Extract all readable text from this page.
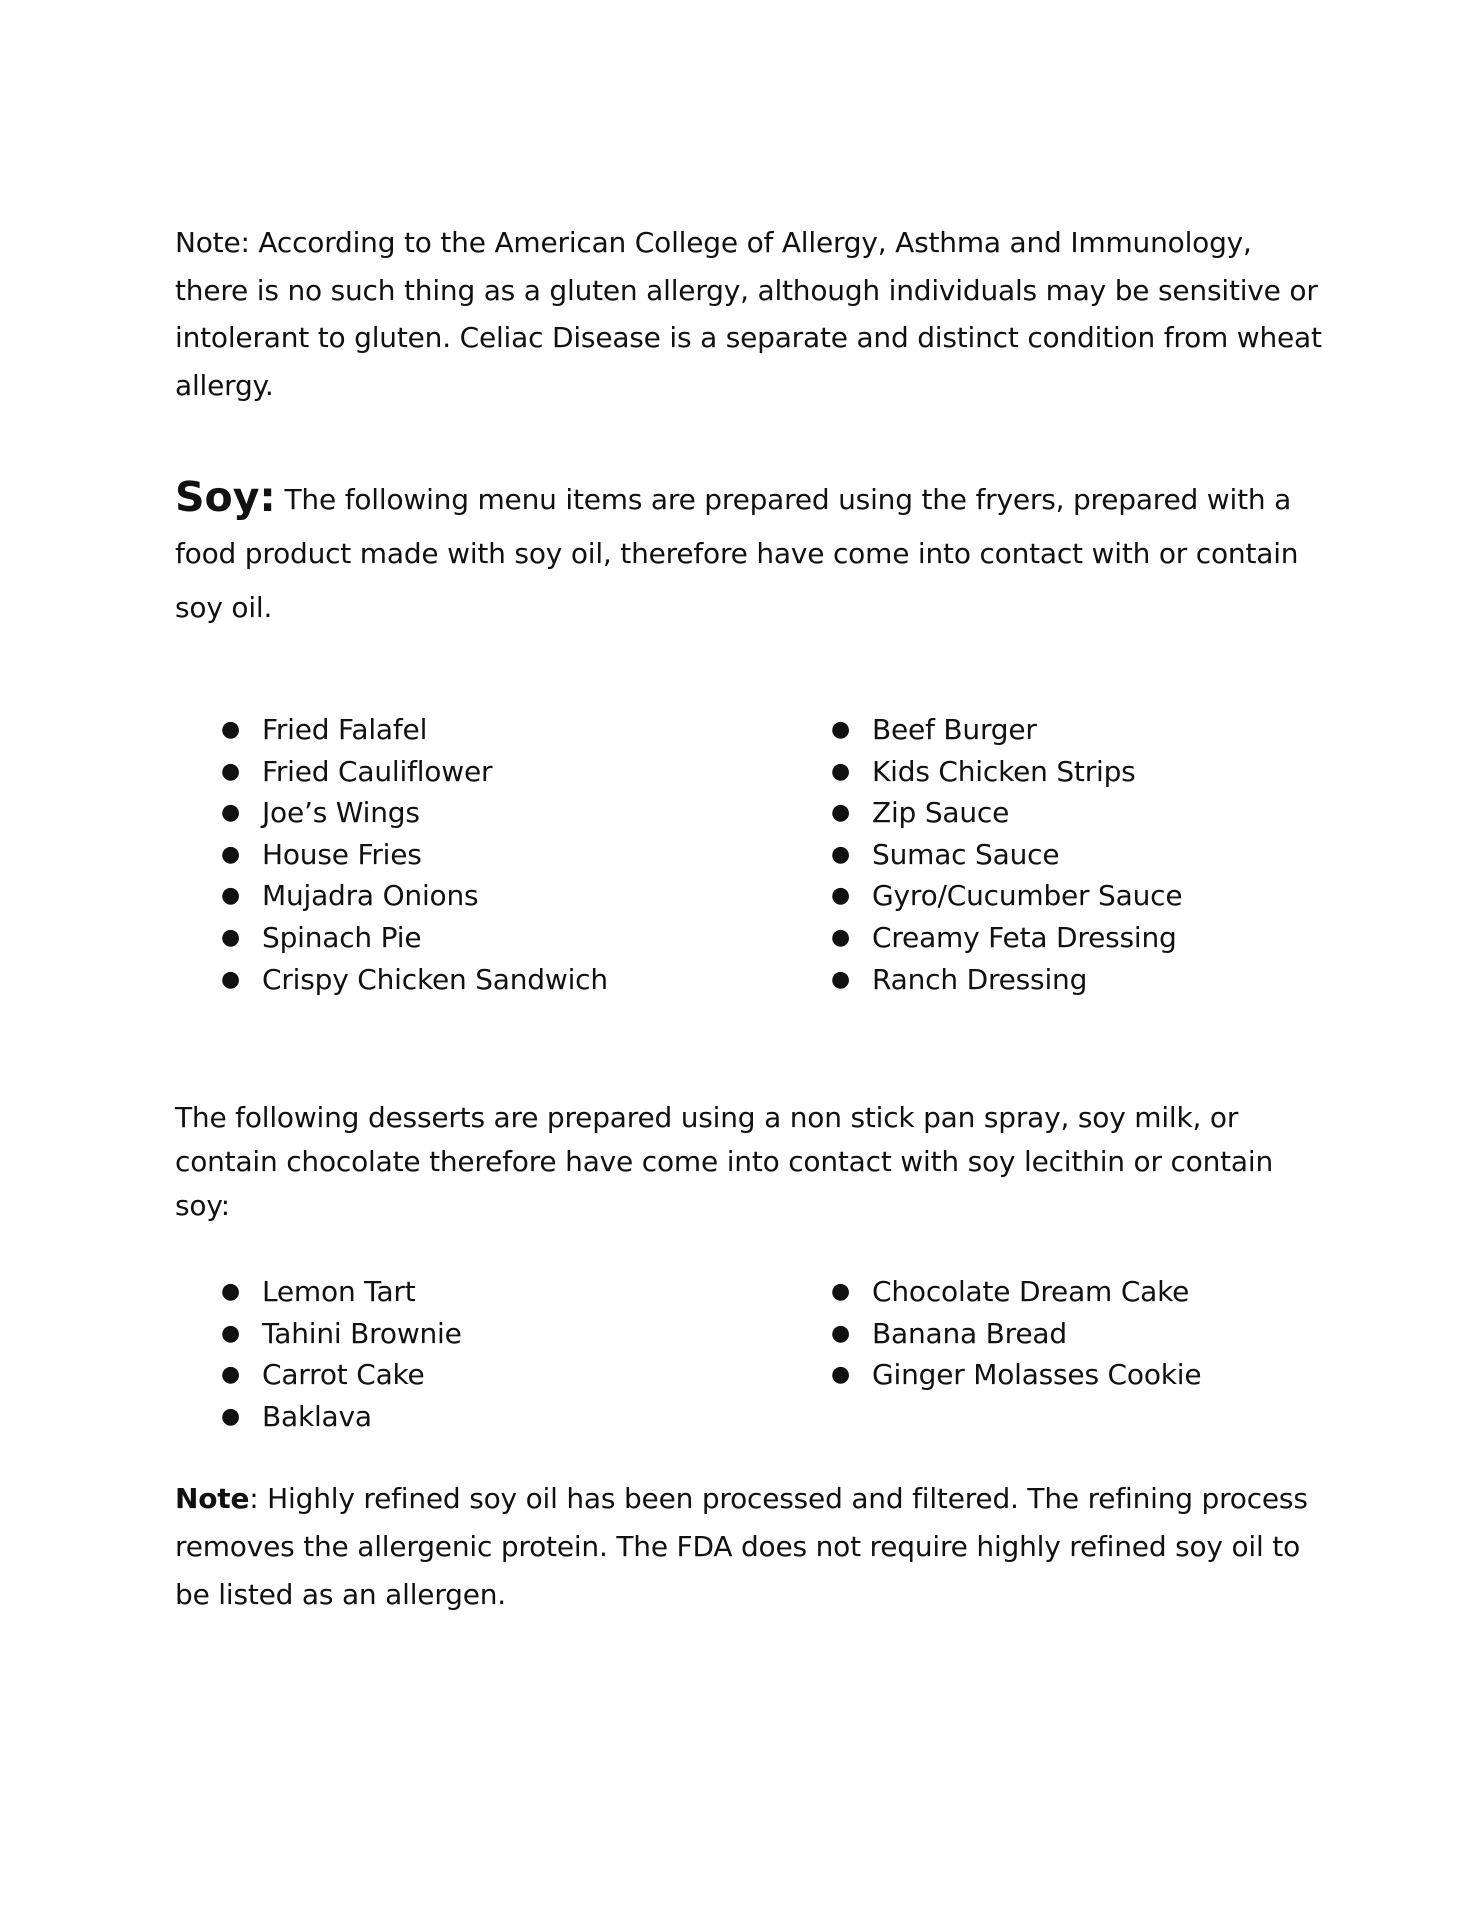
Note: According to the American College of Allergy, Asthma and Immunology, there is no such thing as a gluten allergy, although individuals may be sensitive or intolerant to gluten. Celiac Disease is a separate and distinct condition from wheat allergy.

Soy: The following menu items are prepared using the fryers, prepared with a food product made with soy oil, therefore have come into contact with or contain soy oil.

● Fried Falafel
● Fried Cauliflower
● Joe’s Wings
● House Fries
● Mujadra Onions
● Spinach Pie
● Crispy Chicken Sandwich
● Beef Burger
● Kids Chicken Strips
● Zip Sauce
● Sumac Sauce
● Gyro/Cucumber Sauce
● Creamy Feta Dressing
● Ranch Dressing

The following desserts are prepared using a non stick pan spray, soy milk, or contain chocolate therefore have come into contact with soy lecithin or contain soy:

● Lemon Tart
● Tahini Brownie
● Carrot Cake
● Baklava
● Chocolate Dream Cake
● Banana Bread
● Ginger Molasses Cookie

Note: Highly refined soy oil has been processed and filtered. The refining process removes the allergenic protein. The FDA does not require highly refined soy oil to be listed as an allergen.
